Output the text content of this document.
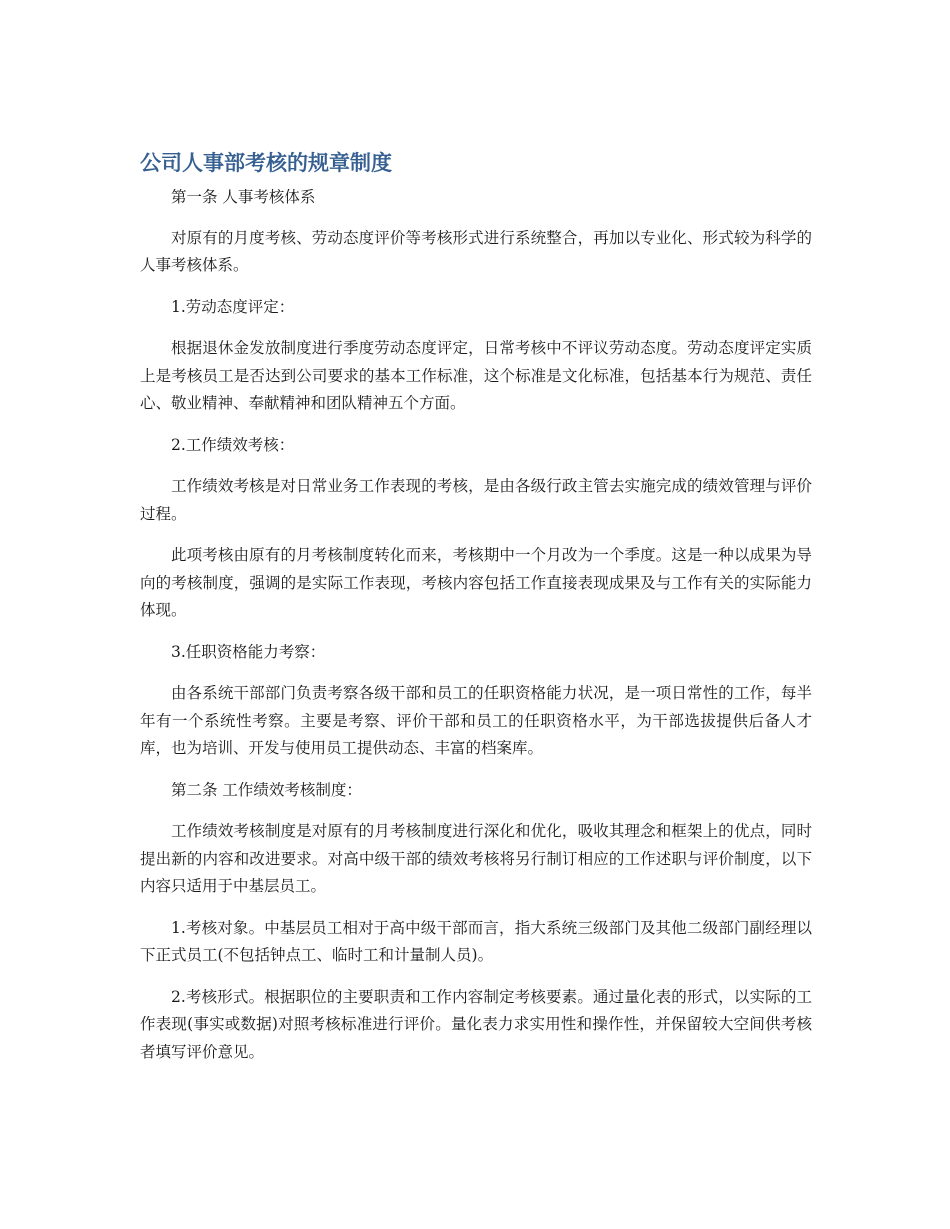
公司人事部考核的规章制度

第一条 人事考核体系

对原有的月度考核、劳动态度评价等考核形式进行系统整合，再加以专业化、形式较为科学的人事考核体系。

1.劳动态度评定：

根据退休金发放制度进行季度劳动态度评定，日常考核中不评议劳动态度。劳动态度评定实质上是考核员工是否达到公司要求的基本工作标准，这个标准是文化标准，包括基本行为规范、责任心、敬业精神、奉献精神和团队精神五个方面。

2.工作绩效考核：

工作绩效考核是对日常业务工作表现的考核，是由各级行政主管去实施完成的绩效管理与评价过程。

此项考核由原有的月考核制度转化而来，考核期中一个月改为一个季度。这是一种以成果为导向的考核制度，强调的是实际工作表现，考核内容包括工作直接表现成果及与工作有关的实际能力体现。

3.任职资格能力考察：

由各系统干部部门负责考察各级干部和员工的任职资格能力状况，是一项日常性的工作，每半年有一个系统性考察。主要是考察、评价干部和员工的任职资格水平，为干部选拔提供后备人才库，也为培训、开发与使用员工提供动态、丰富的档案库。

第二条 工作绩效考核制度：

工作绩效考核制度是对原有的月考核制度进行深化和优化，吸收其理念和框架上的优点，同时提出新的内容和改进要求。对高中级干部的绩效考核将另行制订相应的工作述职与评价制度，以下内容只适用于中基层员工。

1.考核对象。中基层员工相对于高中级干部而言，指大系统三级部门及其他二级部门副经理以下正式员工(不包括钟点工、临时工和计量制人员)。

2.考核形式。根据职位的主要职责和工作内容制定考核要素。通过量化表的形式，以实际的工作表现(事实或数据)对照考核标准进行评价。量化表力求实用性和操作性，并保留较大空间供考核者填写评价意见。
